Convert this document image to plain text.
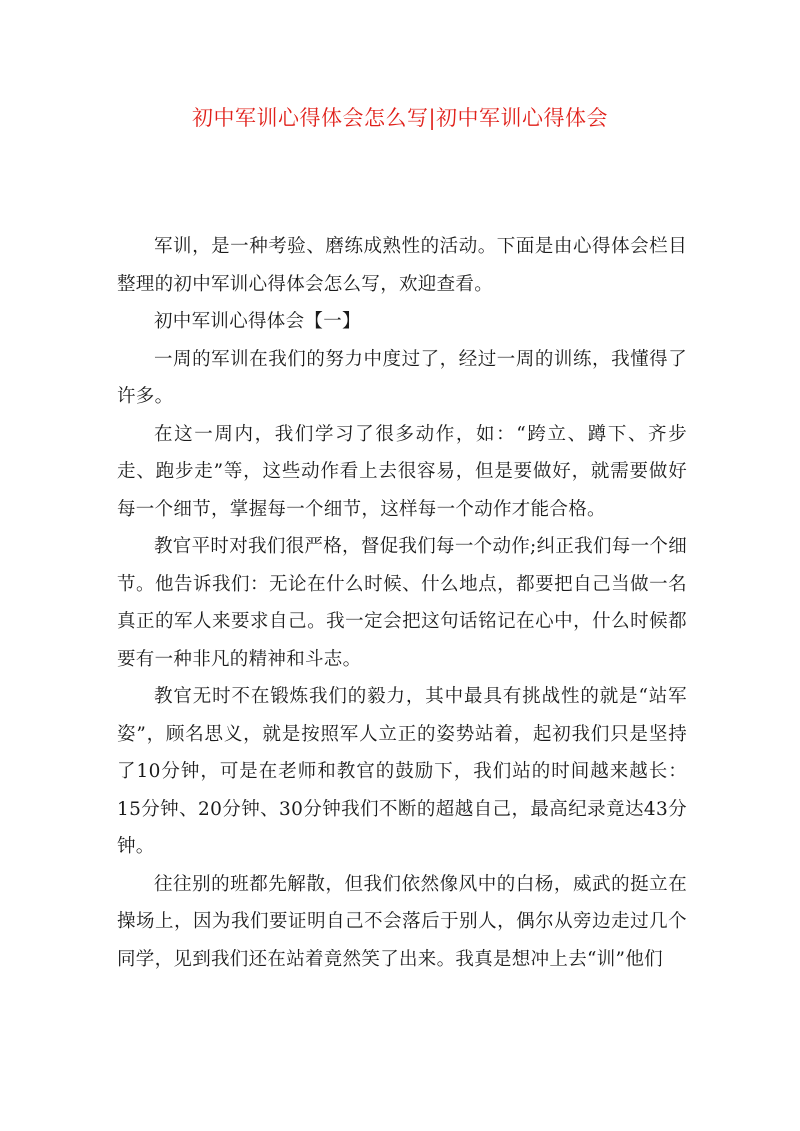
初中军训心得体会怎么写|初中军训心得体会

军训，是一种考验、磨练成熟性的活动。下面是由心得体会栏目整理的初中军训心得体会怎么写，欢迎查看。

初中军训心得体会【一】

一周的军训在我们的努力中度过了，经过一周的训练，我懂得了许多。

在这一周内，我们学习了很多动作，如：“跨立、蹲下、齐步走、跑步走”等，这些动作看上去很容易，但是要做好，就需要做好每一个细节，掌握每一个细节，这样每一个动作才能合格。

教官平时对我们很严格，督促我们每一个动作;纠正我们每一个细节。他告诉我们：无论在什么时候、什么地点，都要把自己当做一名真正的军人来要求自己。我一定会把这句话铭记在心中，什么时候都要有一种非凡的精神和斗志。

教官无时不在锻炼我们的毅力，其中最具有挑战性的就是“站军姿”，顾名思义，就是按照军人立正的姿势站着，起初我们只是坚持了10分钟，可是在老师和教官的鼓励下，我们站的时间越来越长：15分钟、20分钟、30分钟我们不断的超越自己，最高纪录竟达43分钟。

往往别的班都先解散，但我们依然像风中的白杨，威武的挺立在操场上，因为我们要证明自己不会落后于别人，偶尔从旁边走过几个同学，见到我们还在站着竟然笑了出来。我真是想冲上去“训”他们
